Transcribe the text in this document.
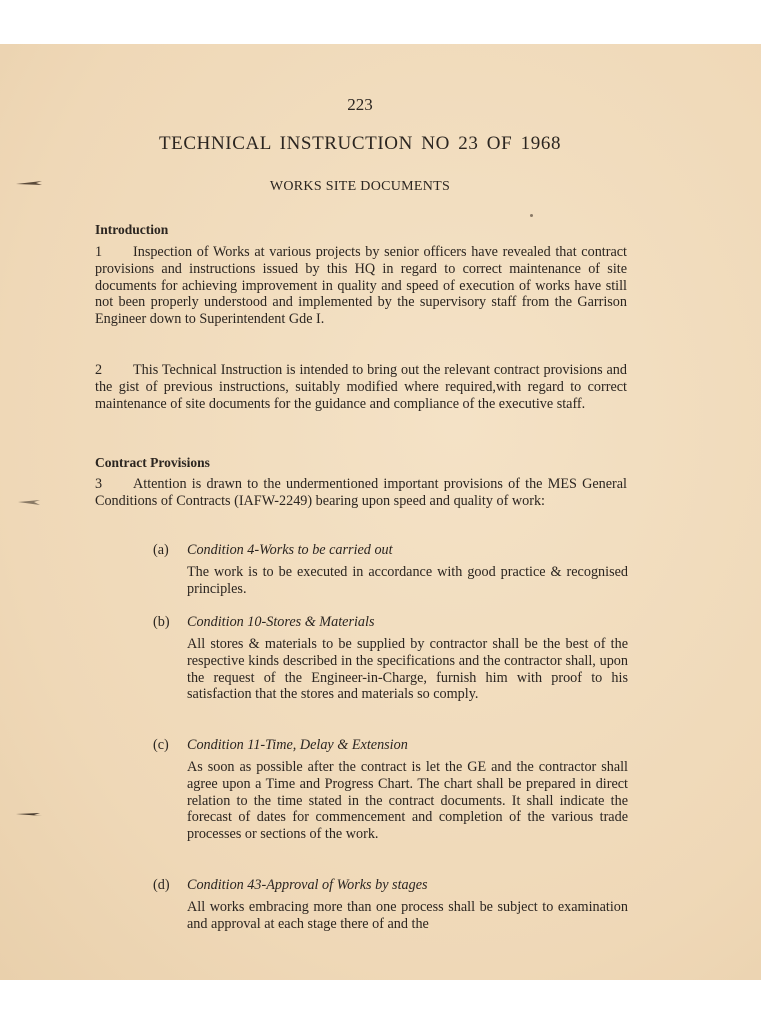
223
TECHNICAL INSTRUCTION NO 23 OF 1968
WORKS SITE DOCUMENTS
Introduction

1 Inspection of Works at various projects by senior officers have revealed that contract provisions and instructions issued by this HQ in regard to correct maintenance of site documents for achieving improvement in quality and speed of execution of works have still not been properly understood and implemented by the supervisory staff from the Garrison Engineer down to Superintendent Gde I.

2 This Technical Instruction is intended to bring out the relevant contract provisions and the gist of previous instructions, suitably modified where required,with regard to correct maintenance of site documents for the guidance and compliance of the executive staff.

Contract Provisions

3 Attention is drawn to the undermentioned important provisions of the MES General Conditions of Contracts (IAFW-2249) bearing upon speed and quality of work:

(a) Condition 4-Works to be carried out

The work is to be executed in accordance with good practice & recognised principles.

(b) Condition 10-Stores & Materials

All stores & materials to be supplied by contractor shall be the best of the respective kinds described in the specifications and the contractor shall, upon the request of the Engineer-in-Charge, furnish him with proof to his satisfaction that the stores and materials so comply.

(c) Condition 11-Time, Delay & Extension

As soon as possible after the contract is let the GE and the contractor shall agree upon a Time and Progress Chart. The chart shall be prepared in direct relation to the time stated in the contract documents. It shall indicate the forecast of dates for commencement and completion of the various trade processes or sections of the work.

(d) Condition 43-Approval of Works by stages

All works embracing more than one process shall be subject to examination and approval at each stage there of and the
